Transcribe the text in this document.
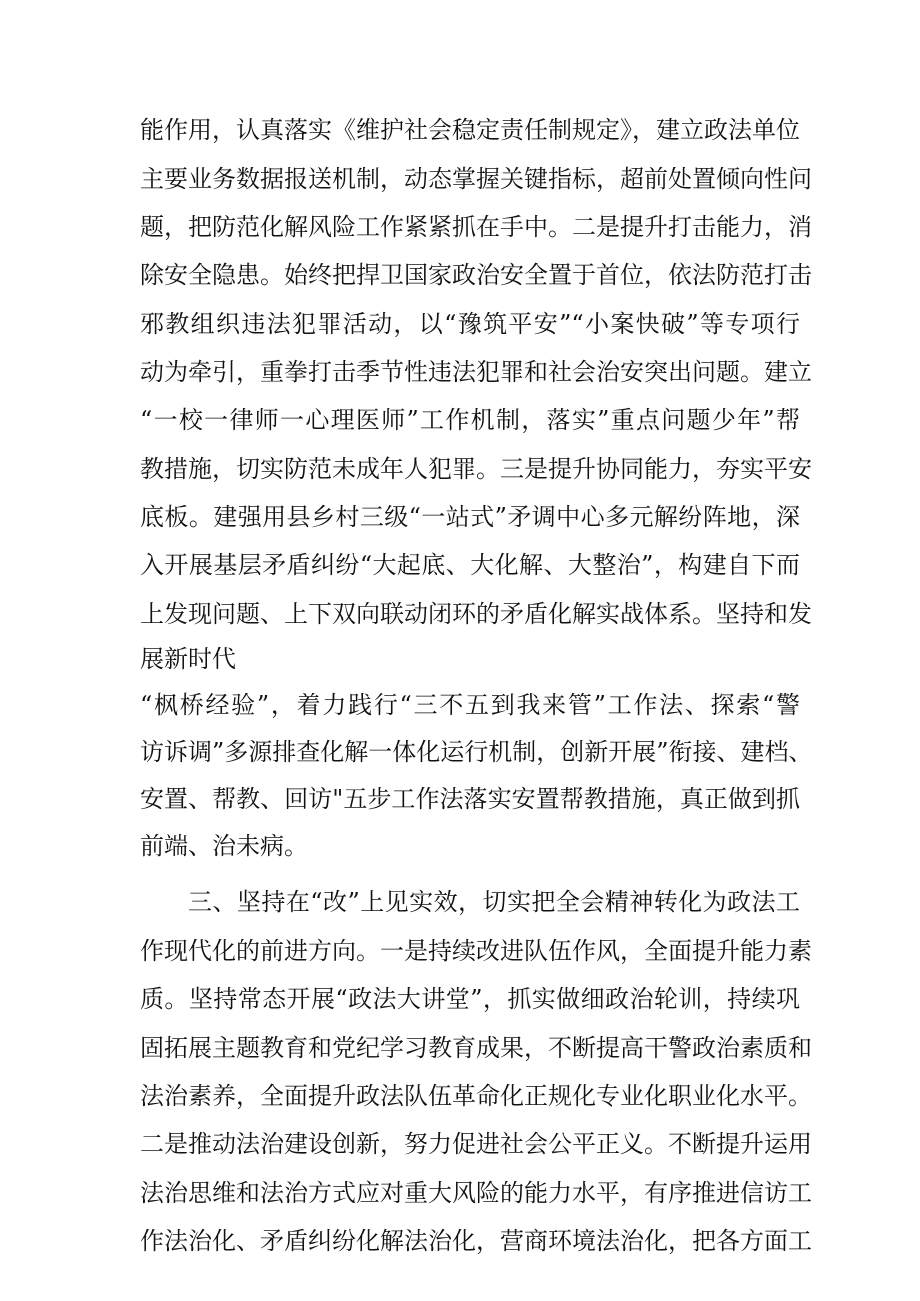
能作用，认真落实《维护社会稳定责任制规定》，建立政法单位
主要业务数据报送机制，动态掌握关键指标，超前处置倾向性问
题，把防范化解风险工作紧紧抓在手中。二是提升打击能力，消
除安全隐患。始终把捍卫国家政治安全置于首位，依法防范打击
邪教组织违法犯罪活动，以“豫筑平安”“小案快破”等专项行
动为牵引，重拳打击季节性违法犯罪和社会治安突出问题。建立
“一校一律师一心理医师”工作机制，落实”重点问题少年”帮
教措施，切实防范未成年人犯罪。三是提升协同能力，夯实平安
底板。建强用县乡村三级“一站式”矛调中心多元解纷阵地，深
入开展基层矛盾纠纷“大起底、大化解、大整治”，构建自下而
上发现问题、上下双向联动闭环的矛盾化解实战体系。坚持和发
展新时代
“枫桥经验”，着力践行“三不五到我来管”工作法、探索“警
访诉调”多源排查化解一体化运行机制，创新开展”衔接、建档、
安置、帮教、回访"五步工作法落实安置帮教措施，真正做到抓
前端、治未病。
三、坚持在“改”上见实效，切实把全会精神转化为政法工
作现代化的前进方向。一是持续改进队伍作风，全面提升能力素
质。坚持常态开展“政法大讲堂”，抓实做细政治轮训，持续巩
固拓展主题教育和党纪学习教育成果，不断提高干警政治素质和
法治素养，全面提升政法队伍革命化正规化专业化职业化水平。
二是推动法治建设创新，努力促进社会公平正义。不断提升运用
法治思维和法治方式应对重大风险的能力水平，有序推进信访工
作法治化、矛盾纠纷化解法治化，营商环境法治化，把各方面工
